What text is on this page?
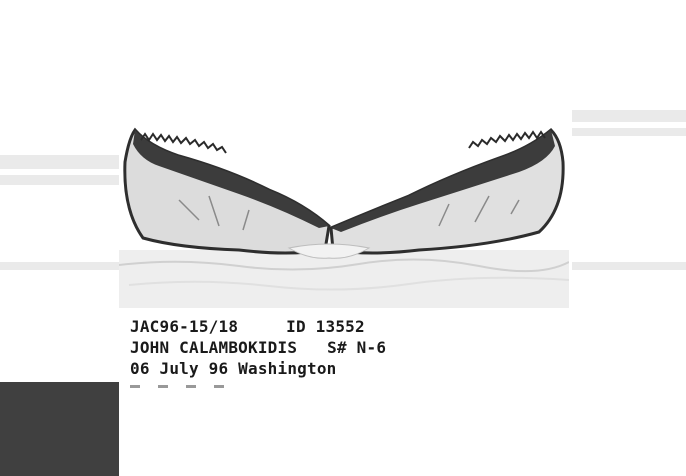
JAC96-15/18	ID 13552
JOHN CALAMBOKIDIS S# N-6
06 July 96 Washington
